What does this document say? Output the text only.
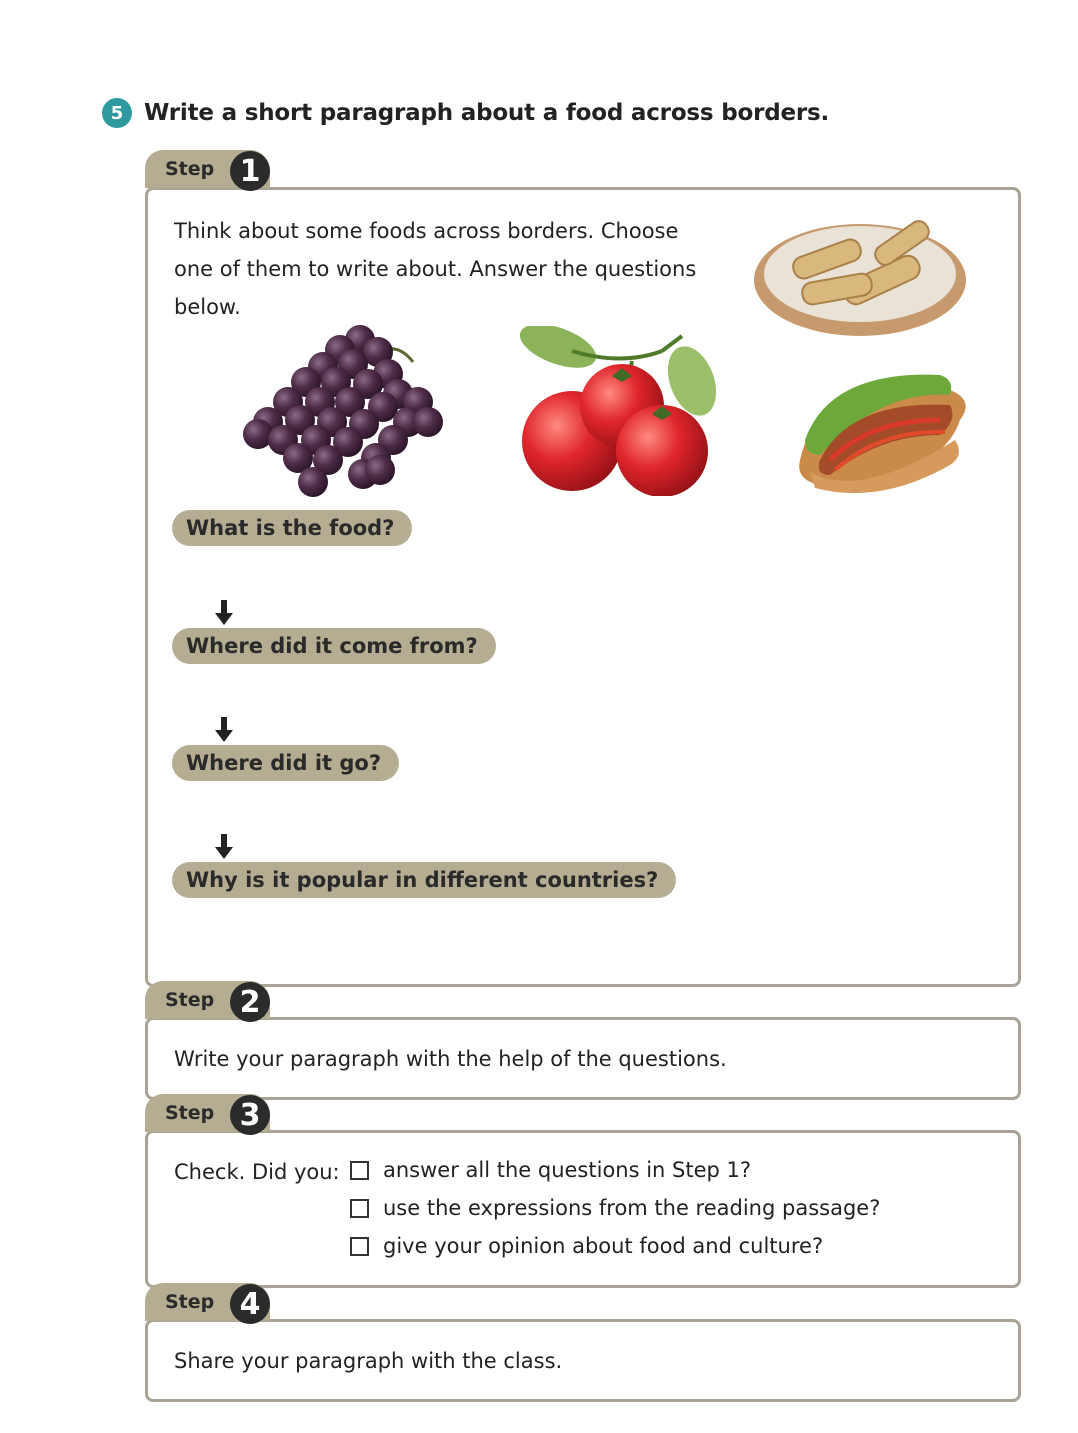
5 Write a short paragraph about a food across borders.
Step 1
Think about some foods across borders. Choose
one of them to write about. Answer the questions
below.
What is the food?
Where did it come from?
Where did it go?
Why is it popular in different countries?
Step 2
Write your paragraph with the help of the questions.
Step 3
Check. Did you: answer all the questions in Step 1?
use the expressions from the reading passage?
give your opinion about food and culture?
Step 4
Share your paragraph with the class.
